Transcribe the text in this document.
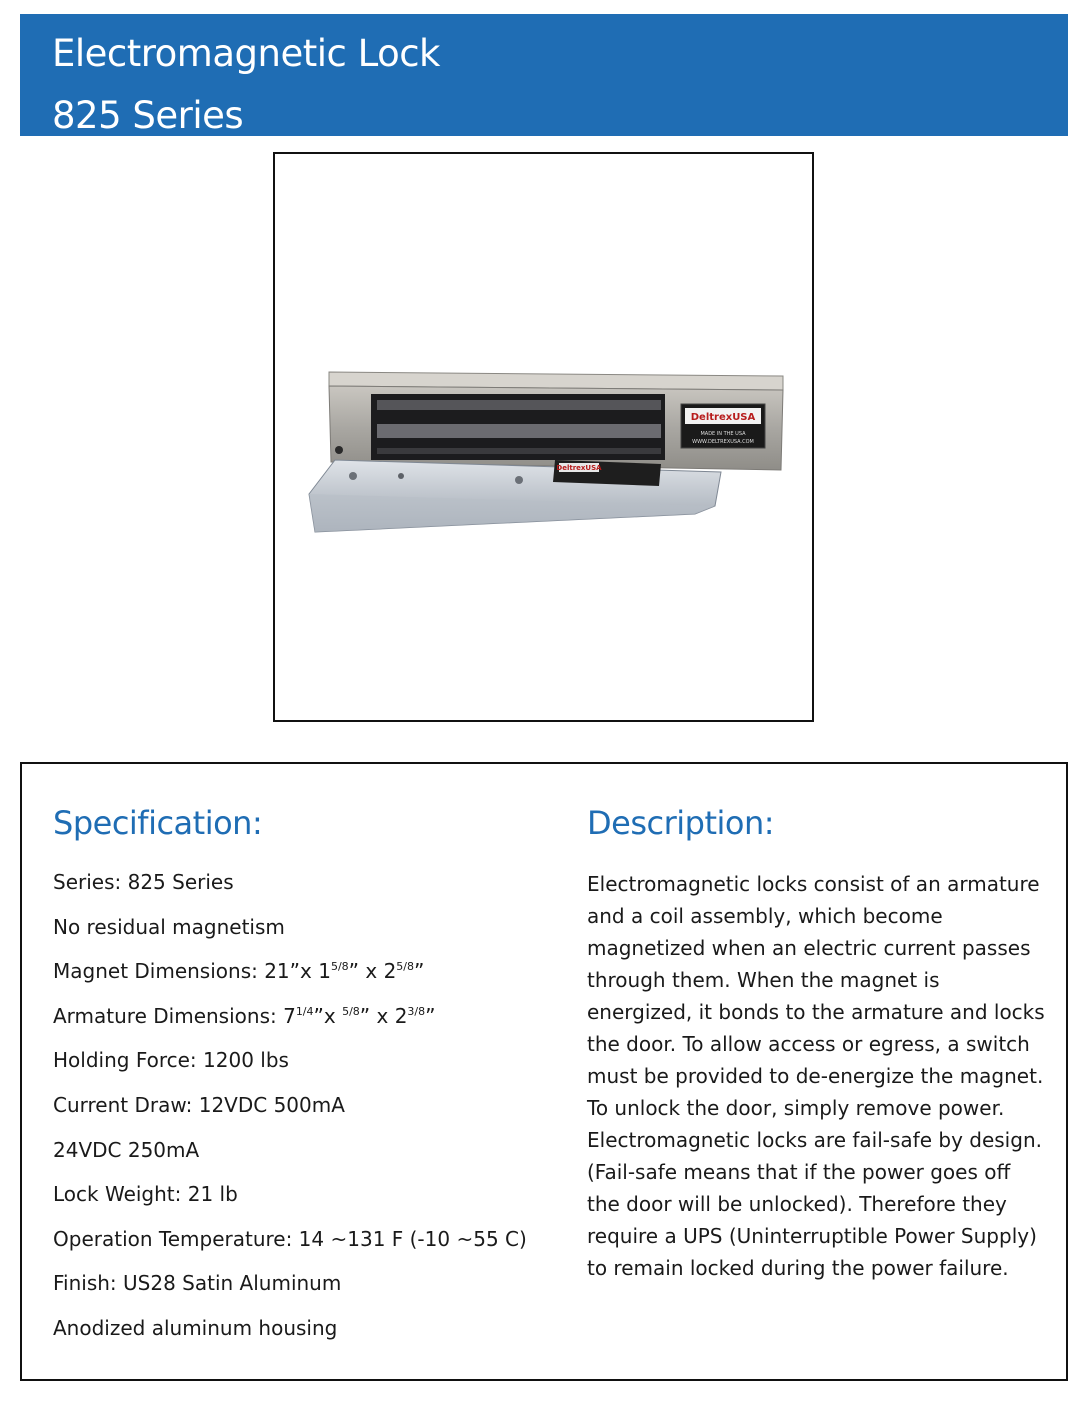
Electromagnetic Lock
825 Series
DeltrexUSA
MADE IN THE USA
WWW.DELTREXUSA.COM
DeltrexUSA
Specification:
Series: 825 Series
No residual magnetism
Magnet Dimensions: 21”x $1^{5/8}$” x $2^{5/8}$”
Armature Dimensions: $7^{1/4}”x$ $^{5/8}$” x $2^{3/8}$”
Holding Force: 1200 lbs
Current Draw: 12VDC 500mA
24VDC 250mA
Lock Weight: 21 lb
Operation Temperature: 14 ~131 F (-10 ~55 C)
Finish: US28 Satin Aluminum
Anodized aluminum housing
Description:

Electromagnetic locks consist of an armature and a coil assembly, which become magnetized when an electric current passes through them. When the magnet is energized, it bonds to the armature and locks the door. To allow access or egress, a switch must be provided to de-energize the magnet. To unlock the door, simply remove power. Electromagnetic locks are fail-safe by design. (Fail-safe means that if the power goes off the door will be unlocked). Therefore they require a UPS (Uninterruptible Power Supply) to remain locked during the power failure.
